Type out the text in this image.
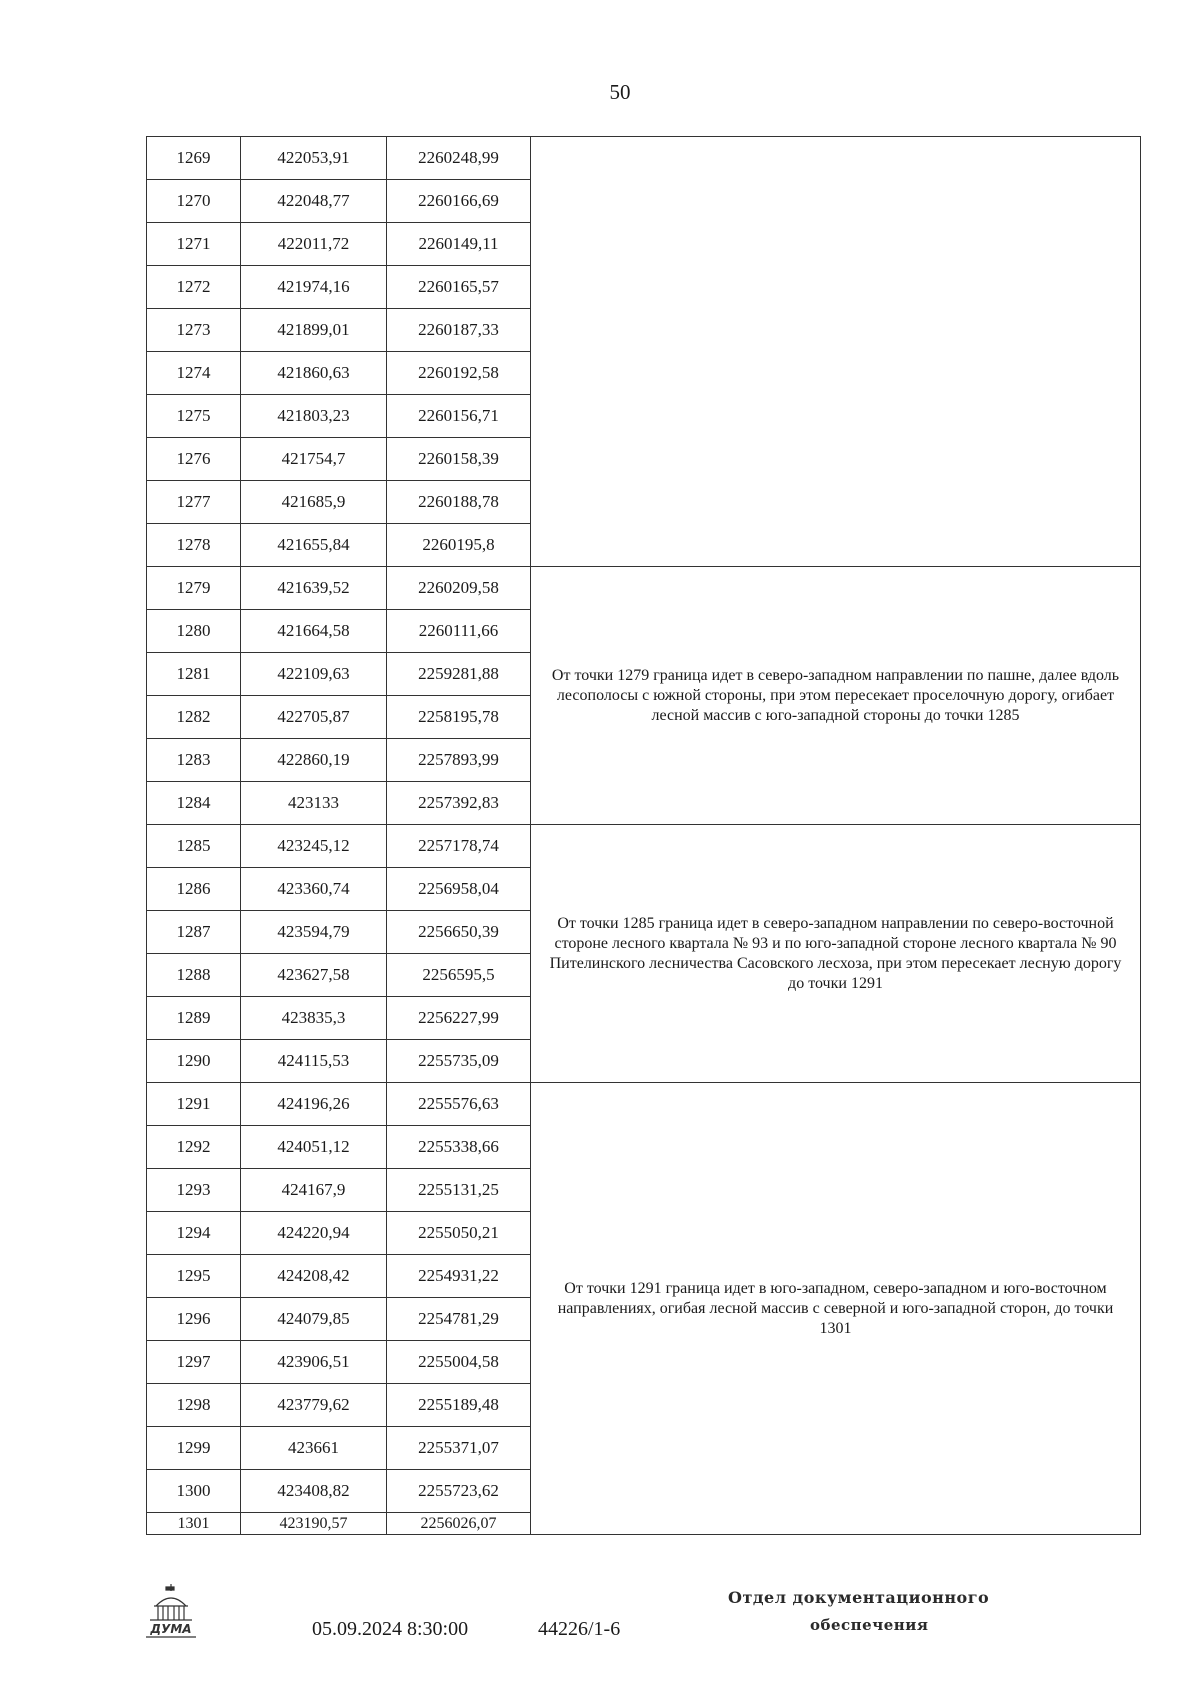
50
1269	422053,91	2260248,99	
1270	422048,77	2260166,69	
1271	422011,72	2260149,11	
1272	421974,16	2260165,57	
1273	421899,01	2260187,33	
1274	421860,63	2260192,58	
1275	421803,23	2260156,71	
1276	421754,7	2260158,39	
1277	421685,9	2260188,78	
1278	421655,84	2260195,8	
1279	421639,52	2260209,58	От точки 1279 граница идет в северо-западном направлении по пашне, далее вдоль лесополосы с южной стороны, при этом пересекает проселочную дорогу, огибает лесной массив с юго-западной стороны до точки 1285
1280	421664,58	2260111,66	
1281	422109,63	2259281,88	
1282	422705,87	2258195,78	
1283	422860,19	2257893,99	
1284	423133	2257392,83	
1285	423245,12	2257178,74	От точки 1285 граница идет в северо-западном направлении по северо-восточной стороне лесного квартала № 93 и по юго-западной стороне лесного квартала № 90 Пителинского лесничества Сасовского лесхоза, при этом пересекает лесную дорогу до точки 1291
1286	423360,74	2256958,04	
1287	423594,79	2256650,39	
1288	423627,58	2256595,5	
1289	423835,3	2256227,99	
1290	424115,53	2255735,09	
1291	424196,26	2255576,63	От точки 1291 граница идет в юго-западном, северо-западном и юго-восточном направлениях, огибая лесной массив с северной и юго-западной сторон, до точки 1301
1292	424051,12	2255338,66	
1293	424167,9	2255131,25	
1294	424220,94	2255050,21	
1295	424208,42	2254931,22	
1296	424079,85	2254781,29	
1297	423906,51	2255004,58	
1298	423779,62	2255189,48	
1299	423661	2255371,07	
1300	423408,82	2255723,62	
1301	423190,57	2256026,07	
ДУМА	05.09.2024 8:30:00	44226/1-6
Отдел документационного
обеспечения
